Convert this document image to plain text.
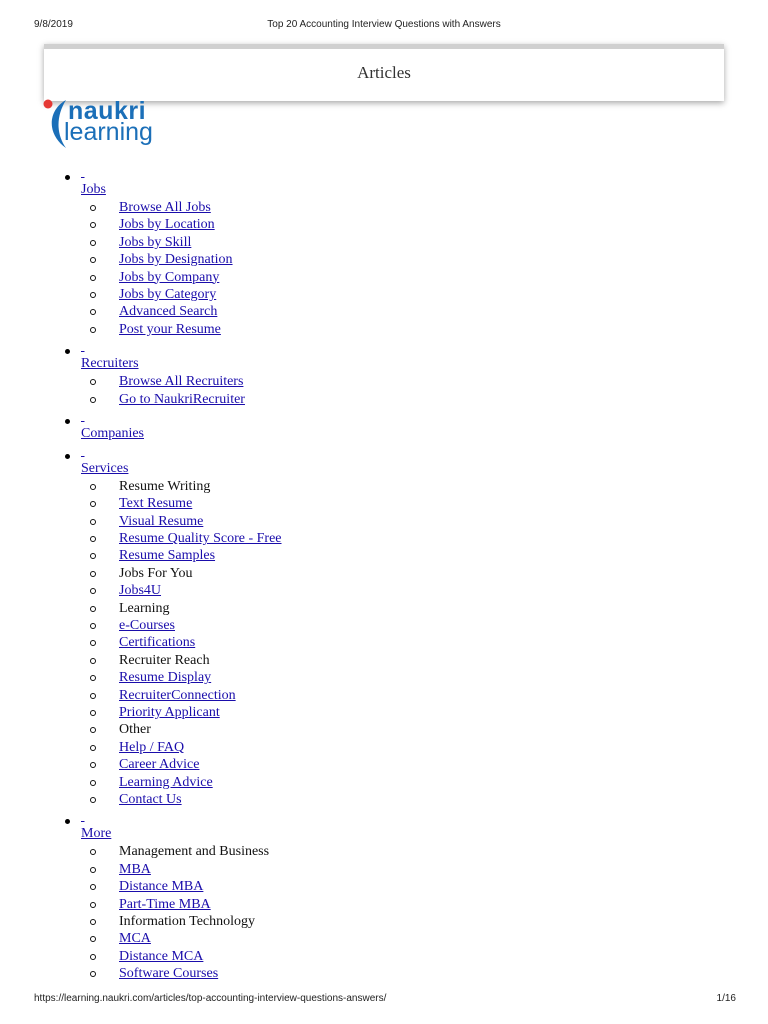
9/8/2019	Top 20 Accounting Interview Questions with Answers
Articles
naukri
learning

Jobs
Browse All Jobs
Jobs by Location
Jobs by Skill
Jobs by Designation
Jobs by Company
Jobs by Category
Advanced Search
Post your Resume

Recruiters
Browse All Recruiters
Go to NaukriRecruiter

Companies

Services
Resume Writing
Text Resume
Visual Resume
Resume Quality Score - Free
Resume Samples
Jobs For You
Jobs4U
Learning
e-Courses
Certifications
Recruiter Reach
Resume Display
RecruiterConnection
Priority Applicant
Other
Help / FAQ
Career Advice
Learning Advice
Contact Us

More
Management and Business
MBA
Distance MBA
Part-Time MBA
Information Technology
MCA
Distance MCA
Software Courses
https://learning.naukri.com/articles/top-accounting-interview-questions-answers/	1/16
